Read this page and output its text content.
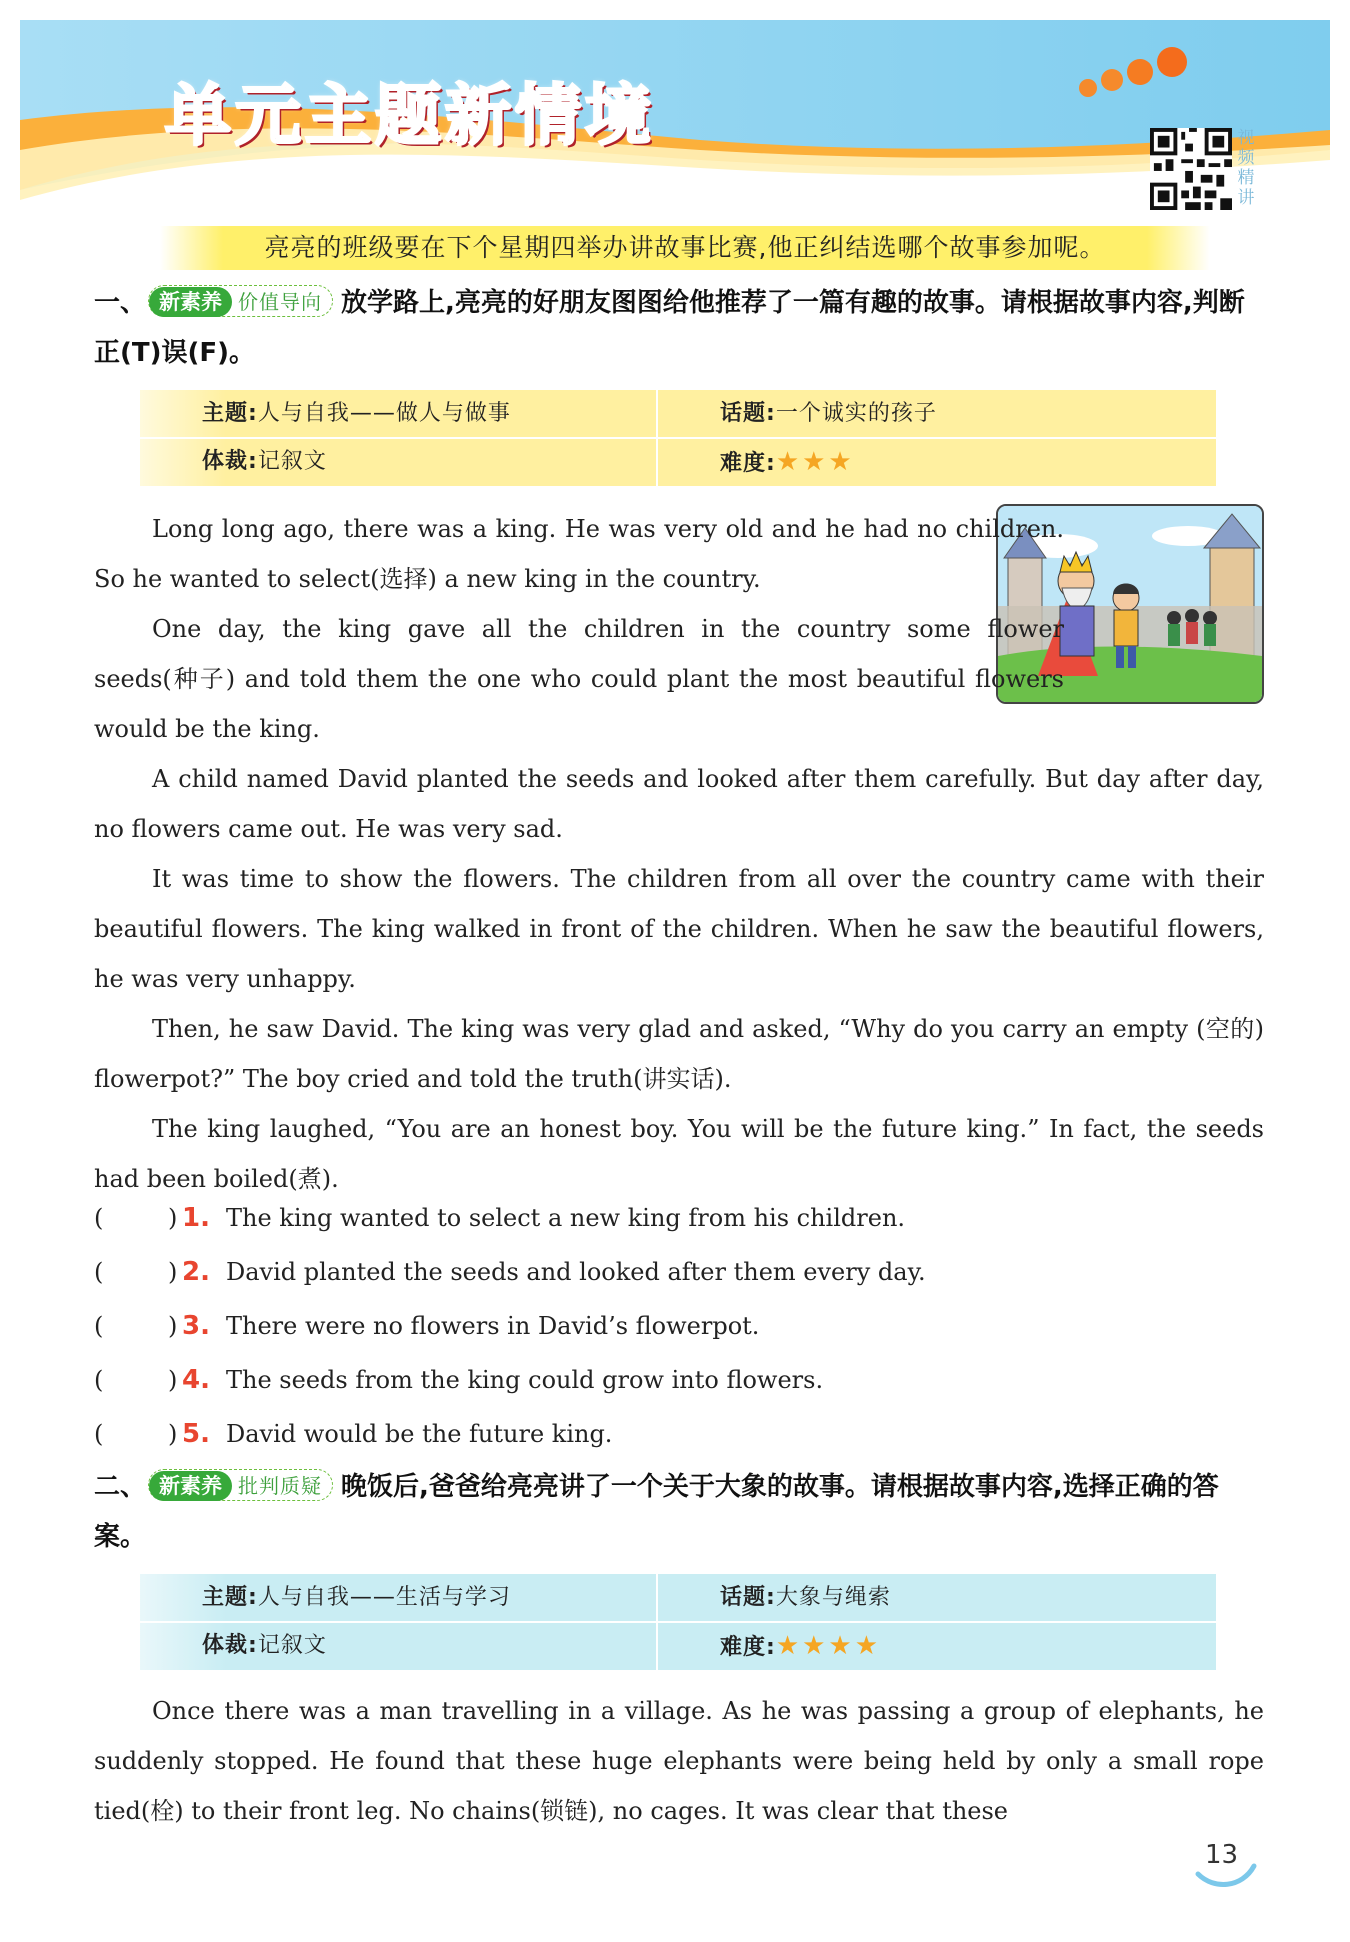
单元主题新情境	视频精讲
亮亮的班级要在下个星期四举办讲故事比赛,他正纠结选哪个故事参加呢。
一、 新素养 价值导向 放学路上,亮亮的好朋友图图给他推荐了一篇有趣的故事。请根据故事内容,判断正(T)误(F)。
主题:人与自我——做人与做事	话题:一个诚实的孩子
体裁:记叙文	难度:★★★

Long long ago, there was a king. He was very old and he had no children. So he wanted to select(选择) a new king in the country.

One day, the king gave all the children in the country some flower seeds(种子) and told them the one who could plant the most beautiful flowers would be the king.

A child named David planted the seeds and looked after them carefully. But day after day, no flowers came out. He was very sad.

It was time to show the flowers. The children from all over the country came with their beautiful flowers. The king walked in front of the children. When he saw the beautiful flowers, he was very unhappy.

Then, he saw David. The king was very glad and asked, “Why do you carry an empty (空的) flowerpot?” The boy cried and told the truth(讲实话).

The king laughed, “You are an honest boy. You will be the future king.” In fact, the seeds had been boiled(煮).

(	) 1. The king wanted to select a new king from his children.
(	) 2. David planted the seeds and looked after them every day.
(	) 3. There were no flowers in David’s flowerpot.
(	) 4. The seeds from the king could grow into flowers.
(	) 5. David would be the future king.
二、 新素养 批判质疑 晚饭后,爸爸给亮亮讲了一个关于大象的故事。请根据故事内容,选择正确的答案。
主题:人与自我——生活与学习	话题:大象与绳索
体裁:记叙文	难度:★★★★

Once there was a man travelling in a village. As he was passing a group of elephants, he suddenly stopped. He found that these huge elephants were being held by only a small rope tied(栓) to their front leg. No chains(锁链), no cages. It was clear that these

13
